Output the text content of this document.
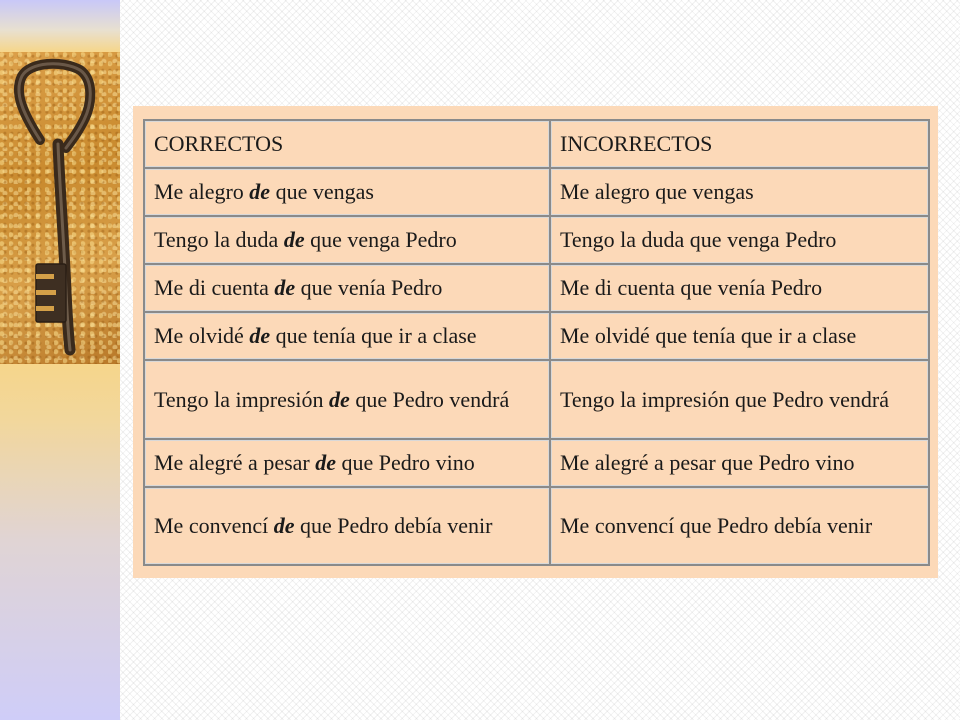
CORRECTOS	INCORRECTOS
Me alegro de que vengas	Me alegro que vengas
Tengo la duda de que venga Pedro	Tengo la duda que venga Pedro
Me di cuenta de que venía Pedro	Me di cuenta que venía Pedro
Me olvidé de que tenía que ir a clase	Me olvidé que tenía que ir a clase
Tengo la impresión de que Pedro vendrá	Tengo la impresión que Pedro vendrá
Me alegré a pesar de que Pedro vino	Me alegré a pesar que Pedro vino
Me convencí de que Pedro debía venir	Me convencí que Pedro debía venir
